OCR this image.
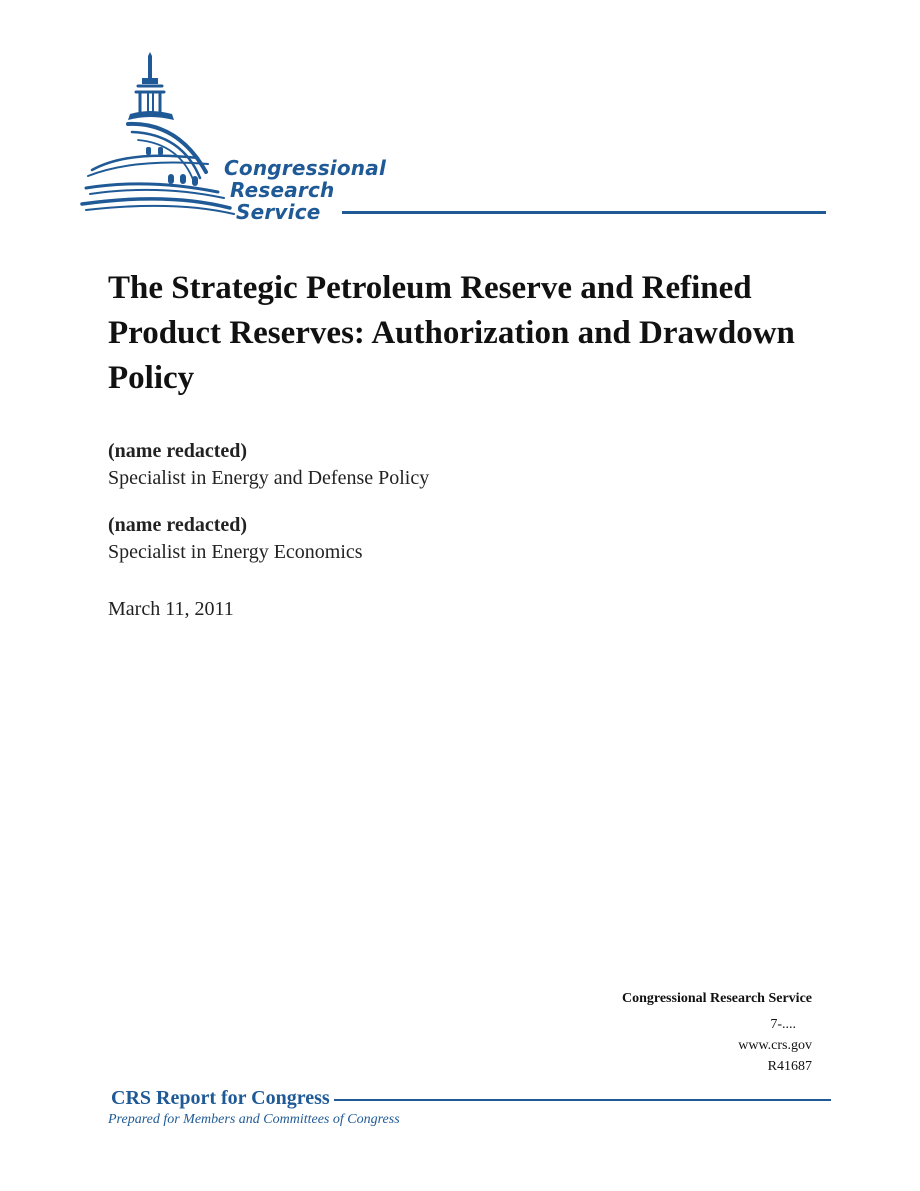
Congressional
Research
Service
The Strategic Petroleum Reserve and Refined Product Reserves: Authorization and Drawdown Policy
(name redacted)
Specialist in Energy and Defense Policy
(name redacted)
Specialist in Energy Economics
March 11, 2011
Congressional Research Service
7-....
www.crs.gov
R41687
CRS Report for Congress
Prepared for Members and Committees of Congress
